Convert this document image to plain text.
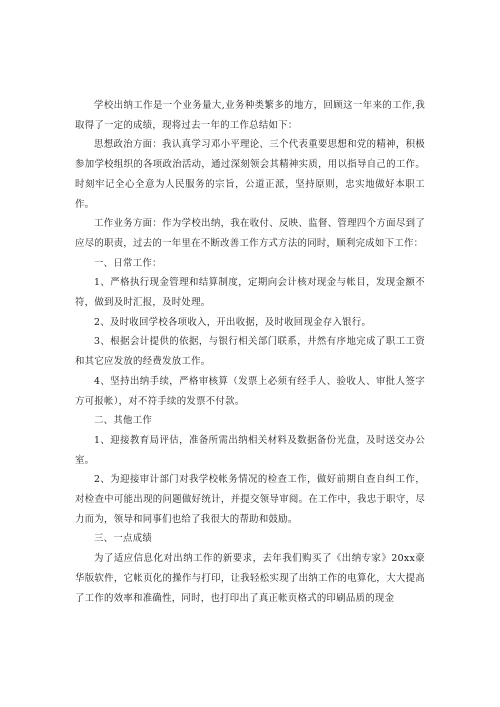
学校出纳工作是一个业务量大,业务种类繁多的地方，回顾这一年来的工作,我取得了一定的成绩，现将过去一年的工作总结如下：

思想政治方面：我认真学习邓小平理论、三个代表重要思想和党的精神，积极参加学校组织的各项政治活动，通过深刻领会其精神实质，用以指导自己的工作。时刻牢记全心全意为人民服务的宗旨，公道正派，坚持原则，忠实地做好本职工作。

工作业务方面：作为学校出纳，我在收付、反映、监督、管理四个方面尽到了应尽的职责，过去的一年里在不断改善工作方式方法的同时，顺利完成如下工作：

一、日常工作：

1、严格执行现金管理和结算制度，定期向会计核对现金与帐目，发现金额不符，做到及时汇报，及时处理。

2、及时收回学校各项收入，开出收据，及时收回现金存入银行。

3、根据会计提供的依据，与银行相关部门联系，井然有序地完成了职工工资和其它应发放的经费发放工作。

4、坚持出纳手续，严格审核算（发票上必须有经手人、验收人、审批人签字方可报帐），对不符手续的发票不付款。

二、其他工作

1、迎接教育局评估，准备所需出纳相关材料及数据备份光盘，及时送交办公室。

2、为迎接审计部门对我学校帐务情况的检查工作，做好前期自查自纠工作，对检查中可能出现的问题做好统计，并提交领导审阅。在工作中，我忠于职守，尽力而为，领导和同事们也给了我很大的帮助和鼓励。

三、一点成绩

为了适应信息化对出纳工作的新要求，去年我们购买了《出纳专家》20xx豪华版软件，它帐页化的操作与打印，让我轻松实现了出纳工作的电算化，大大提高了工作的效率和准确性，同时，也打印出了真正帐页格式的印刷品质的现金
